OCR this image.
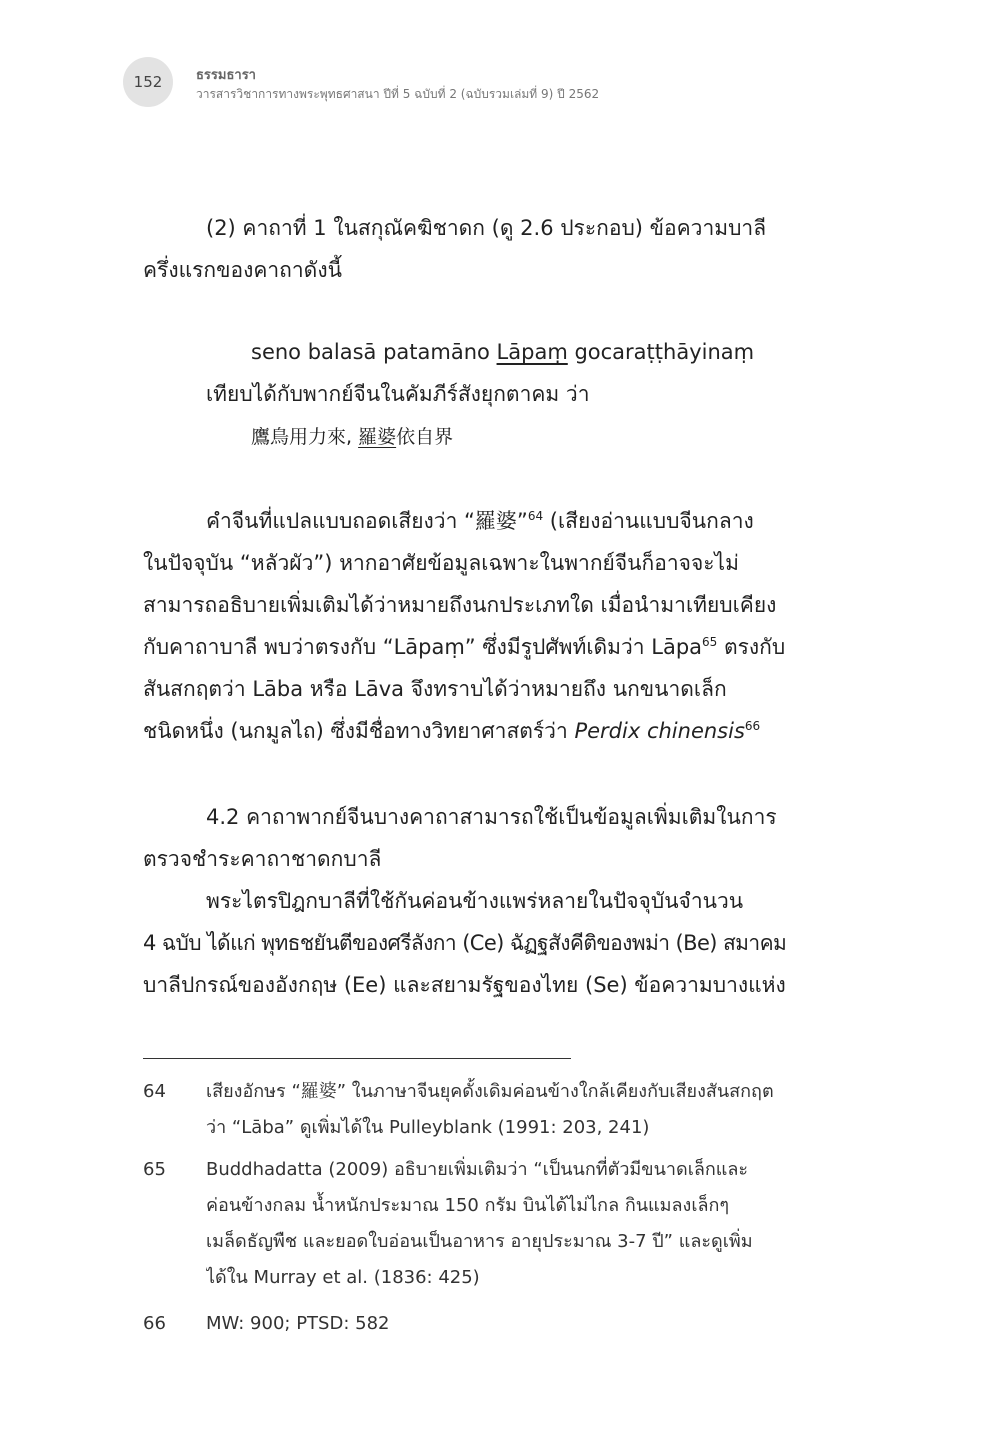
152	ธรรมธารา
วารสารวิชาการทางพระพุทธศาสนา ปีที่ 5 ฉบับที่ 2 (ฉบับรวมเล่มที่ 9) ปี 2562
(2) คาถาที่ 1 ในสกุณัคฆิชาดก (ดู 2.6 ประกอบ) ข้อความบาลี
ครึ่งแรกของคาถาดังนี้
seno balasā patamāno Lāpaṃ gocaraṭṭhāyinaṃ
เทียบได้กับพากย์จีนในคัมภีร์สังยุกตาคม ว่า
鷹鳥用力來, 羅婆依自界
คำจีนที่แปลแบบถอดเสียงว่า “羅婆”$^{64}$ (เสียงอ่านแบบจีนกลาง
ในปัจจุบัน “หลัวผัว”) หากอาศัยข้อมูลเฉพาะในพากย์จีนก็อาจจะไม่
สามารถอธิบายเพิ่มเติมได้ว่าหมายถึงนกประเภทใด เมื่อนำมาเทียบเคียง
กับคาถาบาลี พบว่าตรงกับ “Lāpaṃ” ซึ่งมีรูปศัพท์เดิมว่า Lāpa$^{65}$ ตรงกับ
สันสกฤตว่า Lāba หรือ Lāva จึงทราบได้ว่าหมายถึง นกขนาดเล็ก
ชนิดหนึ่ง (นกมูลไถ) ซึ่งมีชื่อทางวิทยาศาสตร์ว่า Perdix chinensis$^{66}$
4.2 คาถาพากย์จีนบางคาถาสามารถใช้เป็นข้อมูลเพิ่มเติมในการ
ตรวจชำระคาถาชาดกบาลี
พระไตรปิฎกบาลีที่ใช้กันค่อนข้างแพร่หลายในปัจจุบันจำนวน
4 ฉบับ ได้แก่ พุทธชยันตีของศรีลังกา (Ce) ฉัฏฐสังคีติของพม่า (Be) สมาคม
บาลีปกรณ์ของอังกฤษ (Ee) และสยามรัฐของไทย (Se) ข้อความบางแห่ง
64 เสียงอักษร “羅婆” ในภาษาจีนยุคดั้งเดิมค่อนข้างใกล้เคียงกับเสียงสันสกฤต
ว่า “Lāba” ดูเพิ่มได้ใน Pulleyblank (1991: 203, 241)
65 Buddhadatta (2009) อธิบายเพิ่มเติมว่า “เป็นนกที่ตัวมีขนาดเล็กและ
ค่อนข้างกลม น้ำหนักประมาณ 150 กรัม บินได้ไม่ไกล กินแมลงเล็กๆ
เมล็ดธัญพืช และยอดใบอ่อนเป็นอาหาร อายุประมาณ 3-7 ปี” และดูเพิ่ม
ได้ใน Murray et al. (1836: 425)
66 MW: 900; PTSD: 582
